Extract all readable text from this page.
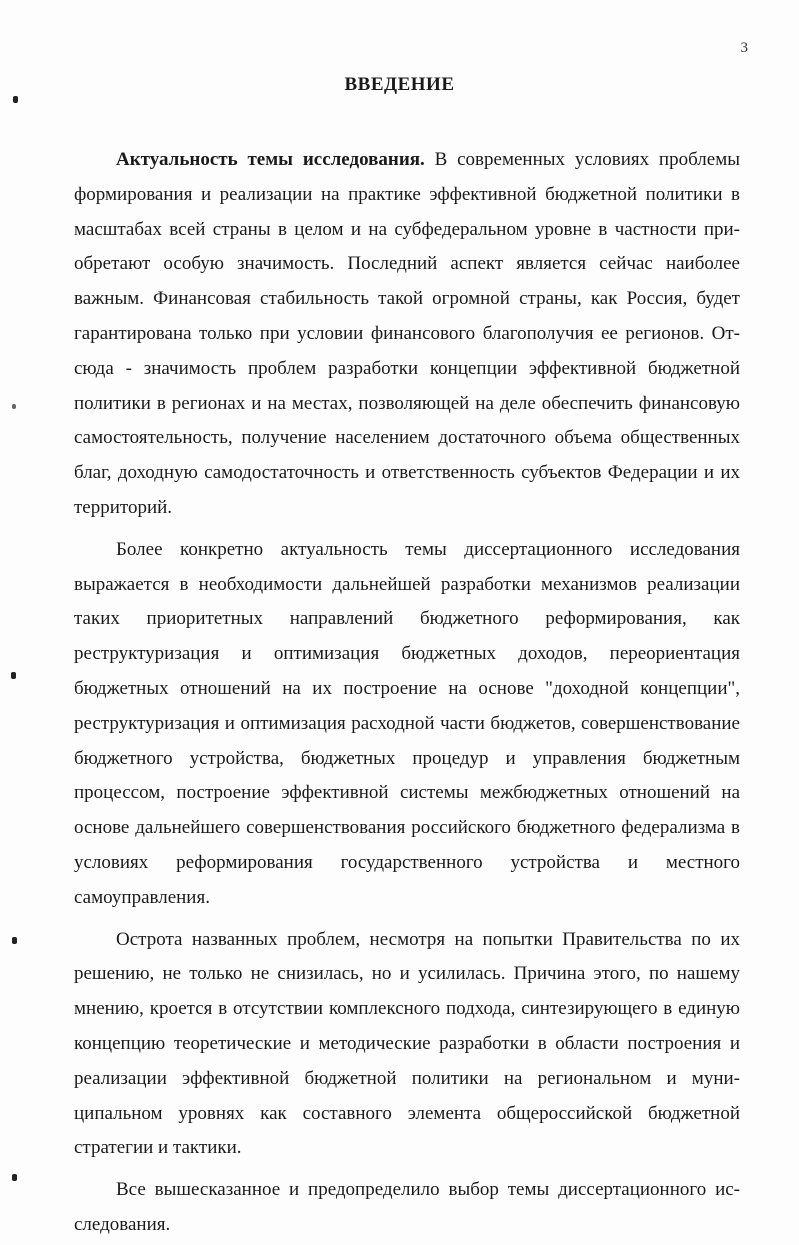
3
ВВЕДЕНИЕ

Актуальность темы исследования. В современных условиях проблемы формирования и реализации на практике эффективной бюджетной политики в масштабах всей страны в целом и на субфедеральном уровне в частности приобретают особую значимость. Последний аспект является сейчас наиболее важным. Финансовая стабильность такой огромной страны, как Россия, будет гарантирована только при условии финансового благополучия ее регионов. Отсюда - значимость проблем разработки концепции эффективной бюджетной политики в регионах и на местах, позволяющей на деле обеспечить финансовую самостоятельность, получение населением достаточного объема общественных благ, доходную самодостаточность и ответственность субъектов Федерации и их территорий.

Более конкретно актуальность темы диссертационного исследования выражается в необходимости дальнейшей разработки механизмов реализации таких приоритетных направлений бюджетного реформирования, как реструктуризация и оптимизация бюджетных доходов, переориентация бюджетных отношений на их построение на основе "доходной концепции", реструктуризация и оптимизация расходной части бюджетов, совершенствование бюджетного устройства, бюджетных процедур и управления бюджетным процессом, построение эффективной системы межбюджетных отношений на основе дальнейшего совершенствования российского бюджетного федерализма в условиях реформирования государственного устройства и местного самоуправления.

Острота названных проблем, несмотря на попытки Правительства по их решению, не только не снизилась, но и усилилась. Причина этого, по нашему мнению, кроется в отсутствии комплексного подхода, синтезирующего в единую концепцию теоретические и методические разработки в области построения и реализации эффективной бюджетной политики на региональном и муниципальном уровнях как составного элемента общероссийской бюджетной стратегии и тактики.

Все вышесказанное и предопределило выбор темы диссертационного исследования.
